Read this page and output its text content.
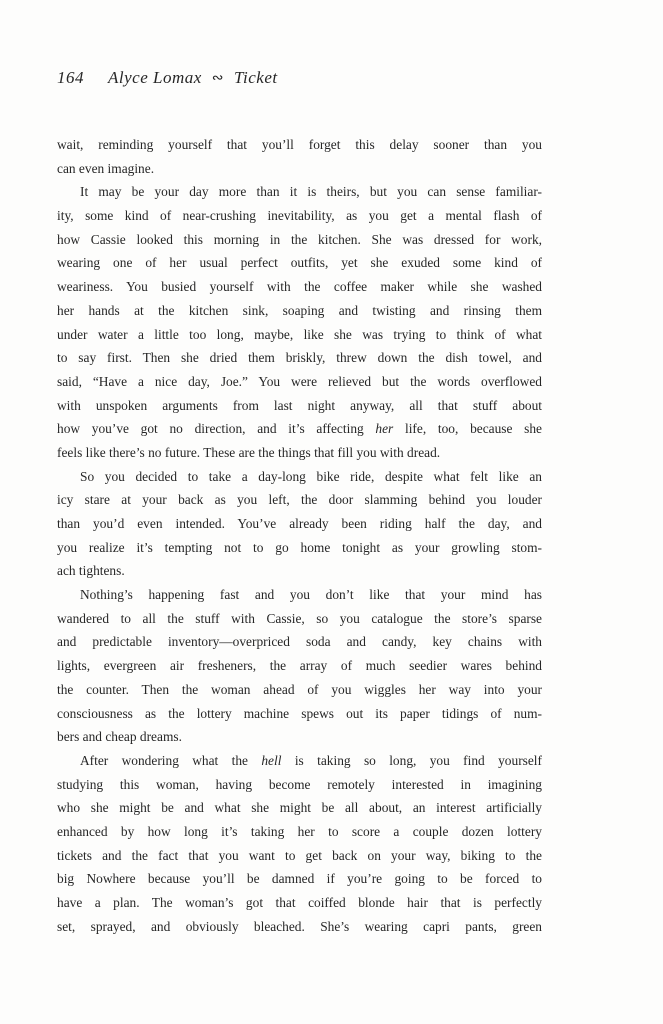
164 Alyce Lomax ∾ Ticket
wait, reminding yourself that you’ll forget this delay sooner than you
can even imagine.
It may be your day more than it is theirs, but you can sense familiar-
ity, some kind of near-crushing inevitability, as you get a mental flash of
how Cassie looked this morning in the kitchen. She was dressed for work,
wearing one of her usual perfect outfits, yet she exuded some kind of
weariness. You busied yourself with the coffee maker while she washed
her hands at the kitchen sink, soaping and twisting and rinsing them
under water a little too long, maybe, like she was trying to think of what
to say first. Then she dried them briskly, threw down the dish towel, and
said, “Have a nice day, Joe.” You were relieved but the words overflowed
with unspoken arguments from last night anyway, all that stuff about
how you’ve got no direction, and it’s affecting her life, too, because she
feels like there’s no future. These are the things that fill you with dread.
So you decided to take a day-long bike ride, despite what felt like an
icy stare at your back as you left, the door slamming behind you louder
than you’d even intended. You’ve already been riding half the day, and
you realize it’s tempting not to go home tonight as your growling stom-
ach tightens.
Nothing’s happening fast and you don’t like that your mind has
wandered to all the stuff with Cassie, so you catalogue the store’s sparse
and predictable inventory—overpriced soda and candy, key chains with
lights, evergreen air fresheners, the array of much seedier wares behind
the counter. Then the woman ahead of you wiggles her way into your
consciousness as the lottery machine spews out its paper tidings of num-
bers and cheap dreams.
After wondering what the hell is taking so long, you find yourself
studying this woman, having become remotely interested in imagining
who she might be and what she might be all about, an interest artificially
enhanced by how long it’s taking her to score a couple dozen lottery
tickets and the fact that you want to get back on your way, biking to the
big Nowhere because you’ll be damned if you’re going to be forced to
have a plan. The woman’s got that coiffed blonde hair that is perfectly
set, sprayed, and obviously bleached. She’s wearing capri pants, green
